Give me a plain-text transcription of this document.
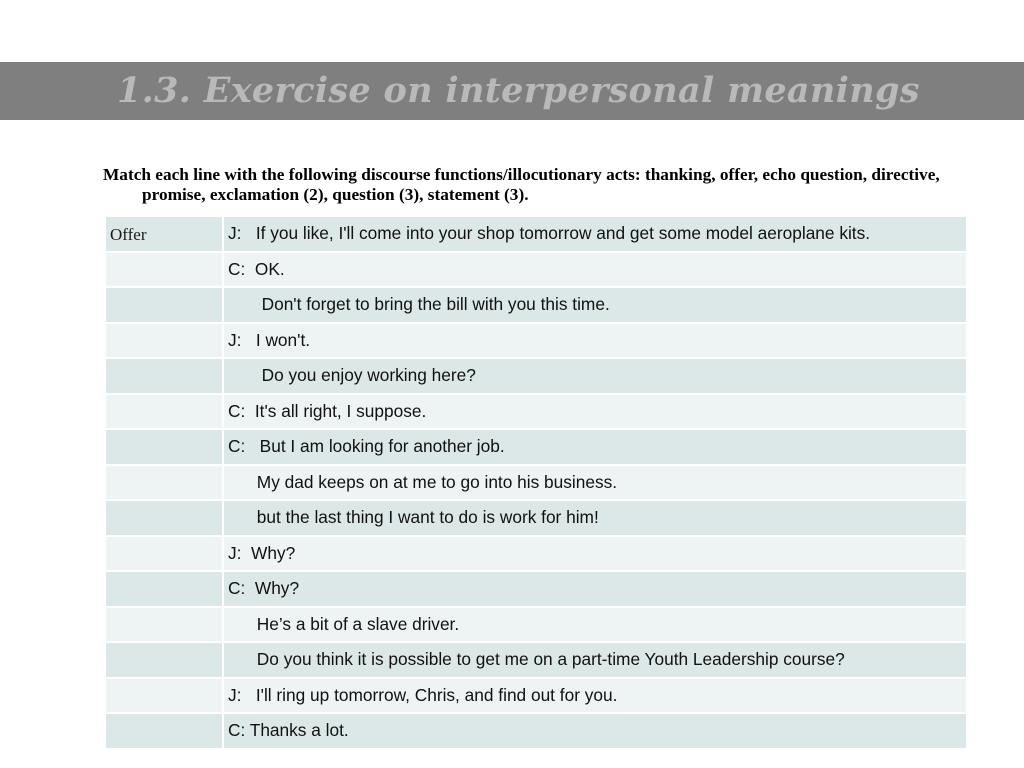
1.3. Exercise on interpersonal meanings
Match each line with the following discourse functions/illocutionary acts: thanking, offer, echo question, directive, promise, exclamation (2), question (3), statement (3).
Offer	J:   If you like, I'll come into your shop tomorrow and get some model aeroplane kits.
	C:  OK.
	Don't forget to bring the bill with you this time.
	J:   I won't.
	Do you enjoy working here?
	C:  It's all right, I suppose.
	C:   But I am looking for another job.
	My dad keeps on at me to go into his business.
	but the last thing I want to do is work for him!
	J:  Why?
	C:  Why?
	He’s a bit of a slave driver.
	Do you think it is possible to get me on a part-time Youth Leadership course?
	J:   I'll ring up tomorrow, Chris, and find out for you.
	C: Thanks a lot.
